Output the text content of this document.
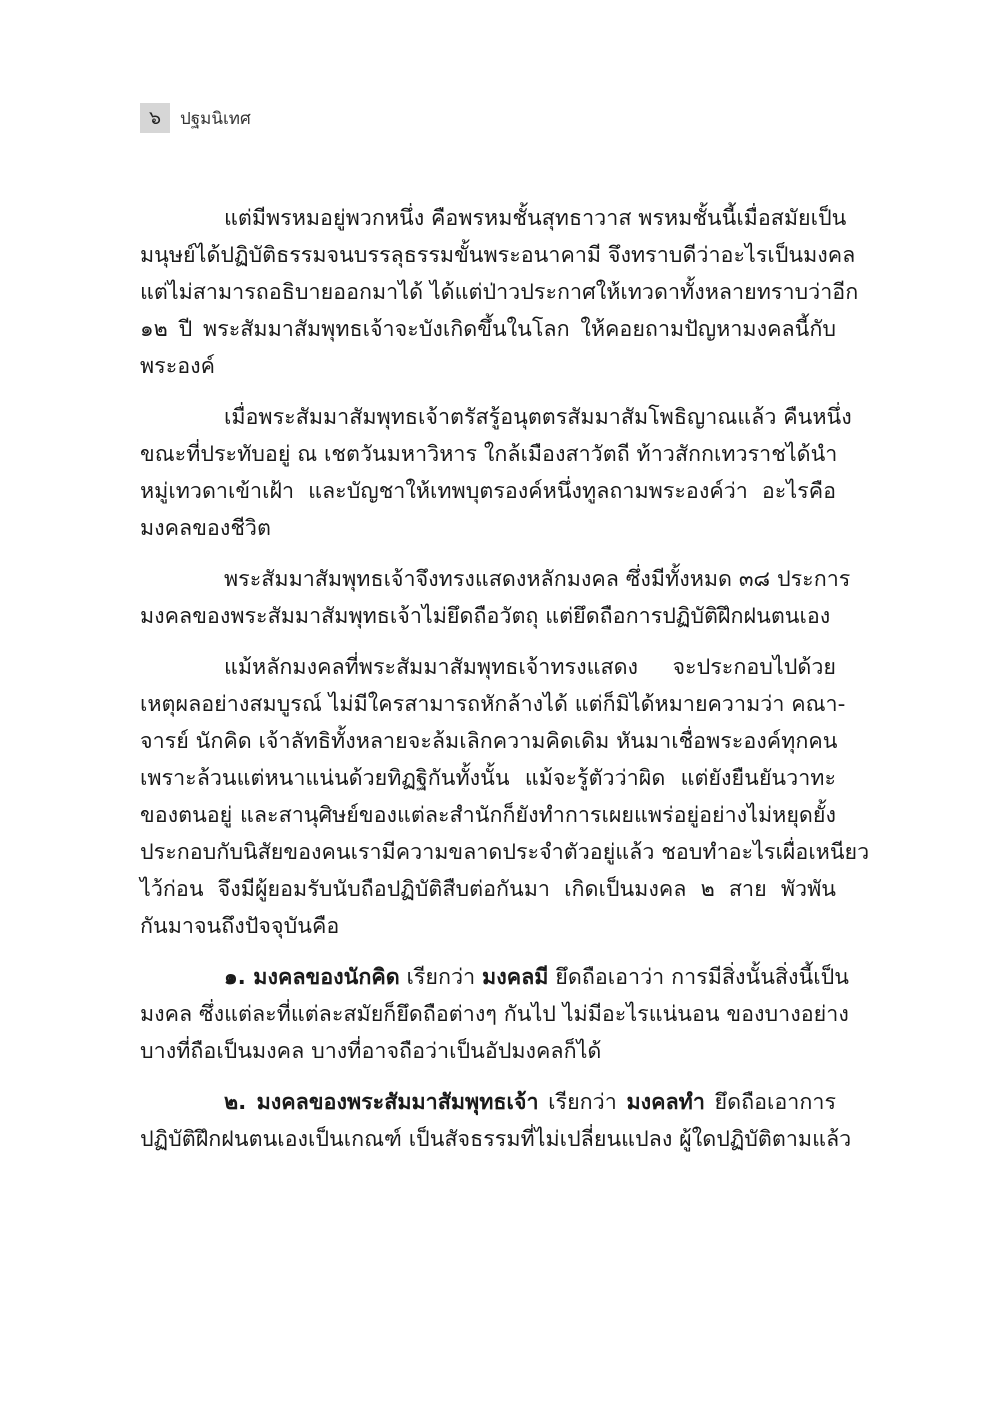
๖	ปฐมนิเทศ
แต่มีพรหมอยู่พวกหนึ่ง คือพรหมชั้นสุทธาวาส พรหมชั้นนี้เมื่อสมัยเป็น
มนุษย์ได้ปฏิบัติธรรมจนบรรลุธรรมขั้นพระอนาคามี จึงทราบดีว่าอะไรเป็นมงคล
แต่ไม่สามารถอธิบายออกมาได้ ได้แต่ป่าวประกาศให้เทวดาทั้งหลายทราบว่าอีก
๑๒ ปี พระสัมมาสัมพุทธเจ้าจะบังเกิดขึ้นในโลก ให้คอยถามปัญหามงคลนี้กับ
พระองค์
เมื่อพระสัมมาสัมพุทธเจ้าตรัสรู้อนุตตรสัมมาสัมโพธิญาณแล้ว คืนหนึ่ง
ขณะที่ประทับอยู่ ณ เชตวันมหาวิหาร ใกล้เมืองสาวัตถี ท้าวสักกเทวราชได้นำ
หมู่เทวดาเข้าเฝ้า และบัญชาให้เทพบุตรองค์หนึ่งทูลถามพระองค์ว่า อะไรคือ
มงคลของชีวิต
พระสัมมาสัมพุทธเจ้าจึงทรงแสดงหลักมงคล ซึ่งมีทั้งหมด ๓๘ ประการ
มงคลของพระสัมมาสัมพุทธเจ้าไม่ยึดถือวัตถุ แต่ยึดถือการปฏิบัติฝึกฝนตนเอง
แม้หลักมงคลที่พระสัมมาสัมพุทธเจ้าทรงแสดง จะประกอบไปด้วย
เหตุผลอย่างสมบูรณ์ ไม่มีใครสามารถหักล้างได้ แต่ก็มิได้หมายความว่า คณา-
จารย์ นักคิด เจ้าลัทธิทั้งหลายจะล้มเลิกความคิดเดิม หันมาเชื่อพระองค์ทุกคน
เพราะล้วนแต่หนาแน่นด้วยทิฏฐิกันทั้งนั้น แม้จะรู้ตัวว่าผิด แต่ยังยืนยันวาทะ
ของตนอยู่ และสานุศิษย์ของแต่ละสำนักก็ยังทำการเผยแพร่อยู่อย่างไม่หยุดยั้ง
ประกอบกับนิสัยของคนเรามีความขลาดประจำตัวอยู่แล้ว ชอบทำอะไรเผื่อเหนียว
ไว้ก่อน จึงมีผู้ยอมรับนับถือปฏิบัติสืบต่อกันมา เกิดเป็นมงคล ๒ สาย พัวพัน
กันมาจนถึงปัจจุบันคือ
๑. มงคลของนักคิด เรียกว่า มงคลมี ยึดถือเอาว่า การมีสิ่งนั้นสิ่งนี้เป็น
มงคล ซึ่งแต่ละที่แต่ละสมัยก็ยึดถือต่างๆ กันไป ไม่มีอะไรแน่นอน ของบางอย่าง
บางที่ถือเป็นมงคล บางที่อาจถือว่าเป็นอัปมงคลก็ได้
๒. มงคลของพระสัมมาสัมพุทธเจ้า เรียกว่า มงคลทำ ยึดถือเอาการ
ปฏิบัติฝึกฝนตนเองเป็นเกณฑ์ เป็นสัจธรรมที่ไม่เปลี่ยนแปลง ผู้ใดปฏิบัติตามแล้ว
